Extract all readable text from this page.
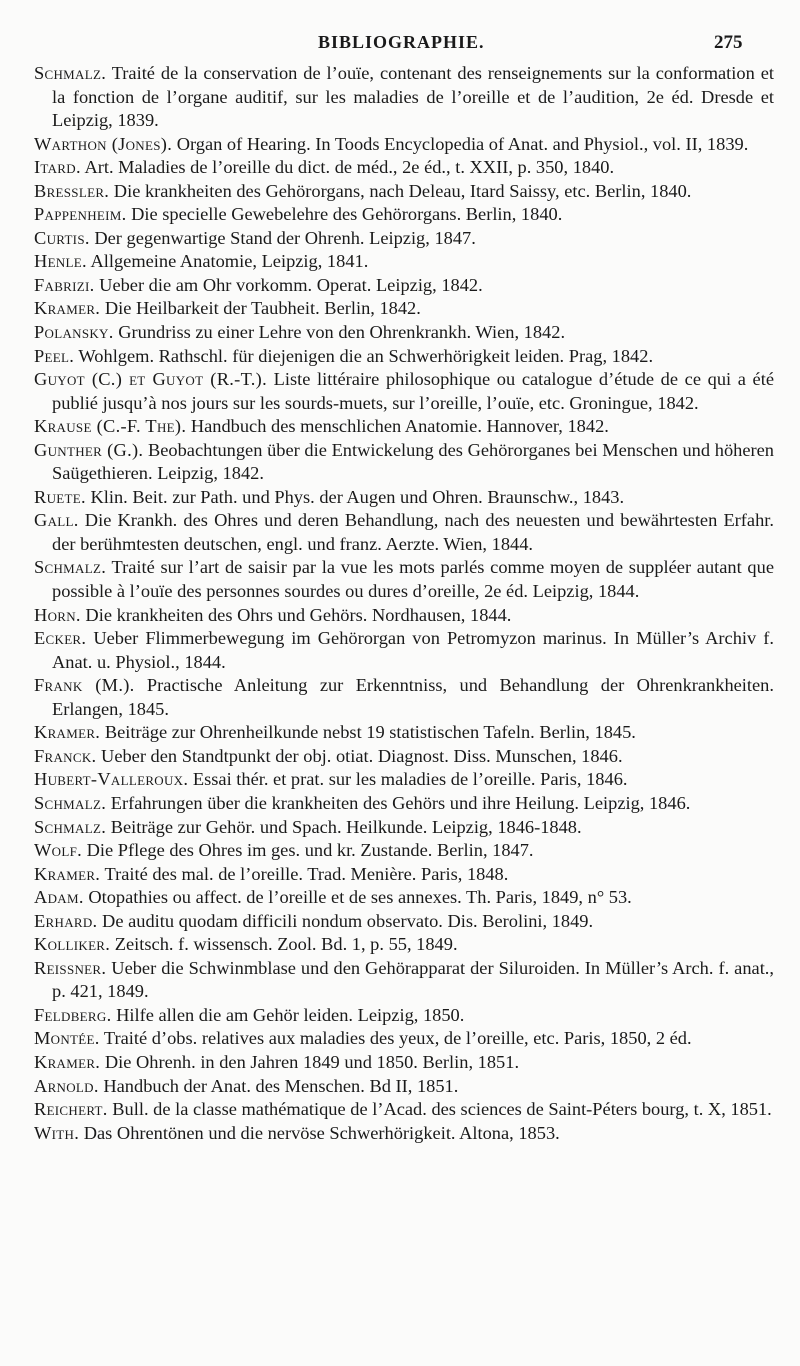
BIBLIOGRAPHIE.	275

Schmalz. Traité de la conservation de l’ouïe, contenant des renseignements sur la conformation et la fonction de l’organe auditif, sur les maladies de l’oreille et de l’audition, 2e éd. Dresde et Leipzig, 1839.

Warthon (Jones). Organ of Hearing. In Toods Encyclopedia of Anat. and Physiol., vol. II, 1839.

Itard. Art. Maladies de l’oreille du dict. de méd., 2e éd., t. XXII, p. 350, 1840.

Bressler. Die krankheiten des Gehörorgans, nach Deleau, Itard Saissy, etc. Berlin, 1840.

Pappenheim. Die specielle Gewebelehre des Gehörorgans. Berlin, 1840.

Curtis. Der gegenwartige Stand der Ohrenh. Leipzig, 1847.

Henle. Allgemeine Anatomie, Leipzig, 1841.

Fabrizi. Ueber die am Ohr vorkomm. Operat. Leipzig, 1842.

Kramer. Die Heilbarkeit der Taubheit. Berlin, 1842.

Polansky. Grundriss zu einer Lehre von den Ohrenkrankh. Wien, 1842.

Peel. Wohlgem. Rathschl. für diejenigen die an Schwerhörigkeit leiden. Prag, 1842.

Guyot (C.) et Guyot (R.-T.). Liste littéraire philosophique ou catalogue d’étude de ce qui a été publié jusqu’à nos jours sur les sourds-muets, sur l’oreille, l’ouïe, etc. Groningue, 1842.

Krause (C.-F. The). Handbuch des menschlichen Anatomie. Hannover, 1842.

Gunther (G.). Beobachtungen über die Entwickelung des Gehörorganes bei Menschen und höheren Saügethieren. Leipzig, 1842.

Ruete. Klin. Beit. zur Path. und Phys. der Augen und Ohren. Braunschw., 1843.

Gall. Die Krankh. des Ohres und deren Behandlung, nach des neuesten und bewährtesten Erfahr. der berühmtesten deutschen, engl. und franz. Aerzte. Wien, 1844.

Schmalz. Traité sur l’art de saisir par la vue les mots parlés comme moyen de suppléer autant que possible à l’ouïe des personnes sourdes ou dures d’oreille, 2e éd. Leipzig, 1844.

Horn. Die krankheiten des Ohrs und Gehörs. Nordhausen, 1844.

Ecker. Ueber Flimmerbewegung im Gehörorgan von Petromyzon marinus. In Müller’s Archiv f. Anat. u. Physiol., 1844.

Frank (M.). Practische Anleitung zur Erkenntniss, und Behandlung der Ohrenkrankheiten. Erlangen, 1845.

Kramer. Beiträge zur Ohrenheilkunde nebst 19 statistischen Tafeln. Berlin, 1845.

Franck. Ueber den Standtpunkt der obj. otiat. Diagnost. Diss. Munschen, 1846.

Hubert-Valleroux. Essai thér. et prat. sur les maladies de l’oreille. Paris, 1846.

Schmalz. Erfahrungen über die krankheiten des Gehörs und ihre Heilung. Leipzig, 1846.

Schmalz. Beiträge zur Gehör. und Spach. Heilkunde. Leipzig, 1846-1848.

Wolf. Die Pflege des Ohres im ges. und kr. Zustande. Berlin, 1847.

Kramer. Traité des mal. de l’oreille. Trad. Menière. Paris, 1848.

Adam. Otopathies ou affect. de l’oreille et de ses annexes. Th. Paris, 1849, n° 53.

Erhard. De auditu quodam difficili nondum observato. Dis. Berolini, 1849.

Kolliker. Zeitsch. f. wissensch. Zool. Bd. 1, p. 55, 1849.

Reissner. Ueber die Schwinmblase und den Gehörapparat der Siluroiden. In Müller’s Arch. f. anat., p. 421, 1849.

Feldberg. Hilfe allen die am Gehör leiden. Leipzig, 1850.

Montée. Traité d’obs. relatives aux maladies des yeux, de l’oreille, etc. Paris, 1850, 2 éd.

Kramer. Die Ohrenh. in den Jahren 1849 und 1850. Berlin, 1851.

Arnold. Handbuch der Anat. des Menschen. Bd II, 1851.

Reichert. Bull. de la classe mathématique de l’Acad. des sciences de Saint-Péters bourg, t. X, 1851.

With. Das Ohrentönen und die nervöse Schwerhörigkeit. Altona, 1853.
